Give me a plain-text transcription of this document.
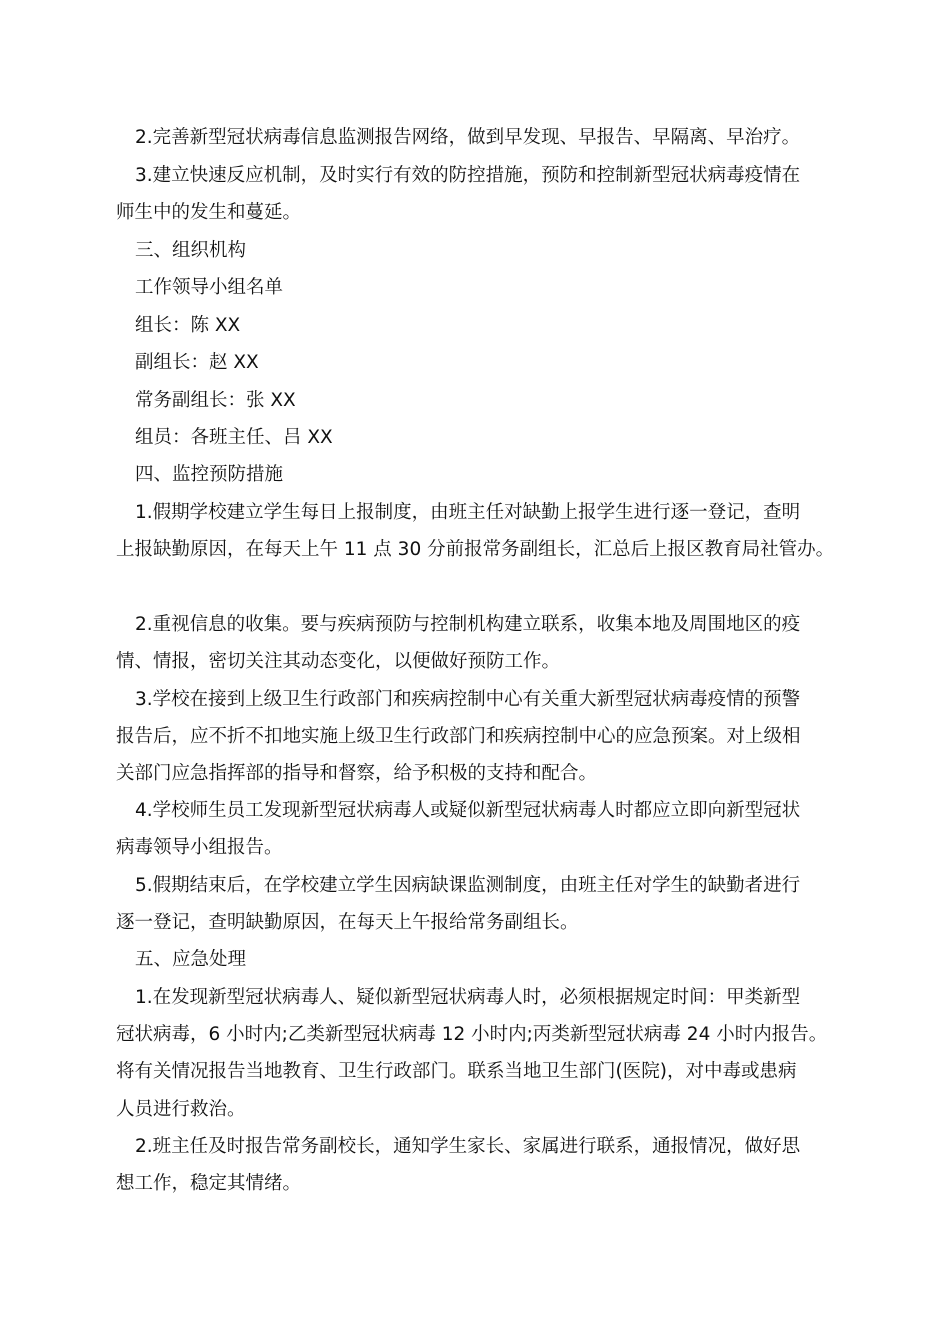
2.完善新型冠状病毒信息监测报告网络，做到早发现、早报告、早隔离、早治疗。
3.建立快速反应机制，及时实行有效的防控措施，预防和控制新型冠状病毒疫情在
师生中的发生和蔓延。
三、组织机构
工作领导小组名单
组长：陈 XX
副组长：赵 XX
常务副组长：张 XX
组员：各班主任、吕 XX
四、监控预防措施
1.假期学校建立学生每日上报制度，由班主任对缺勤上报学生进行逐一登记，查明
上报缺勤原因，在每天上午 11 点 30 分前报常务副组长，汇总后上报区教育局社管办。
2.重视信息的收集。要与疾病预防与控制机构建立联系，收集本地及周围地区的疫
情、情报，密切关注其动态变化，以便做好预防工作。
3.学校在接到上级卫生行政部门和疾病控制中心有关重大新型冠状病毒疫情的预警
报告后，应不折不扣地实施上级卫生行政部门和疾病控制中心的应急预案。对上级相
关部门应急指挥部的指导和督察，给予积极的支持和配合。
4.学校师生员工发现新型冠状病毒人或疑似新型冠状病毒人时都应立即向新型冠状
病毒领导小组报告。
5.假期结束后，在学校建立学生因病缺课监测制度，由班主任对学生的缺勤者进行
逐一登记，查明缺勤原因，在每天上午报给常务副组长。
五、应急处理
1.在发现新型冠状病毒人、疑似新型冠状病毒人时，必须根据规定时间：甲类新型
冠状病毒，6 小时内;乙类新型冠状病毒 12 小时内;丙类新型冠状病毒 24 小时内报告。
将有关情况报告当地教育、卫生行政部门。联系当地卫生部门(医院)，对中毒或患病
人员进行救治。
2.班主任及时报告常务副校长，通知学生家长、家属进行联系，通报情况，做好思
想工作，稳定其情绪。
